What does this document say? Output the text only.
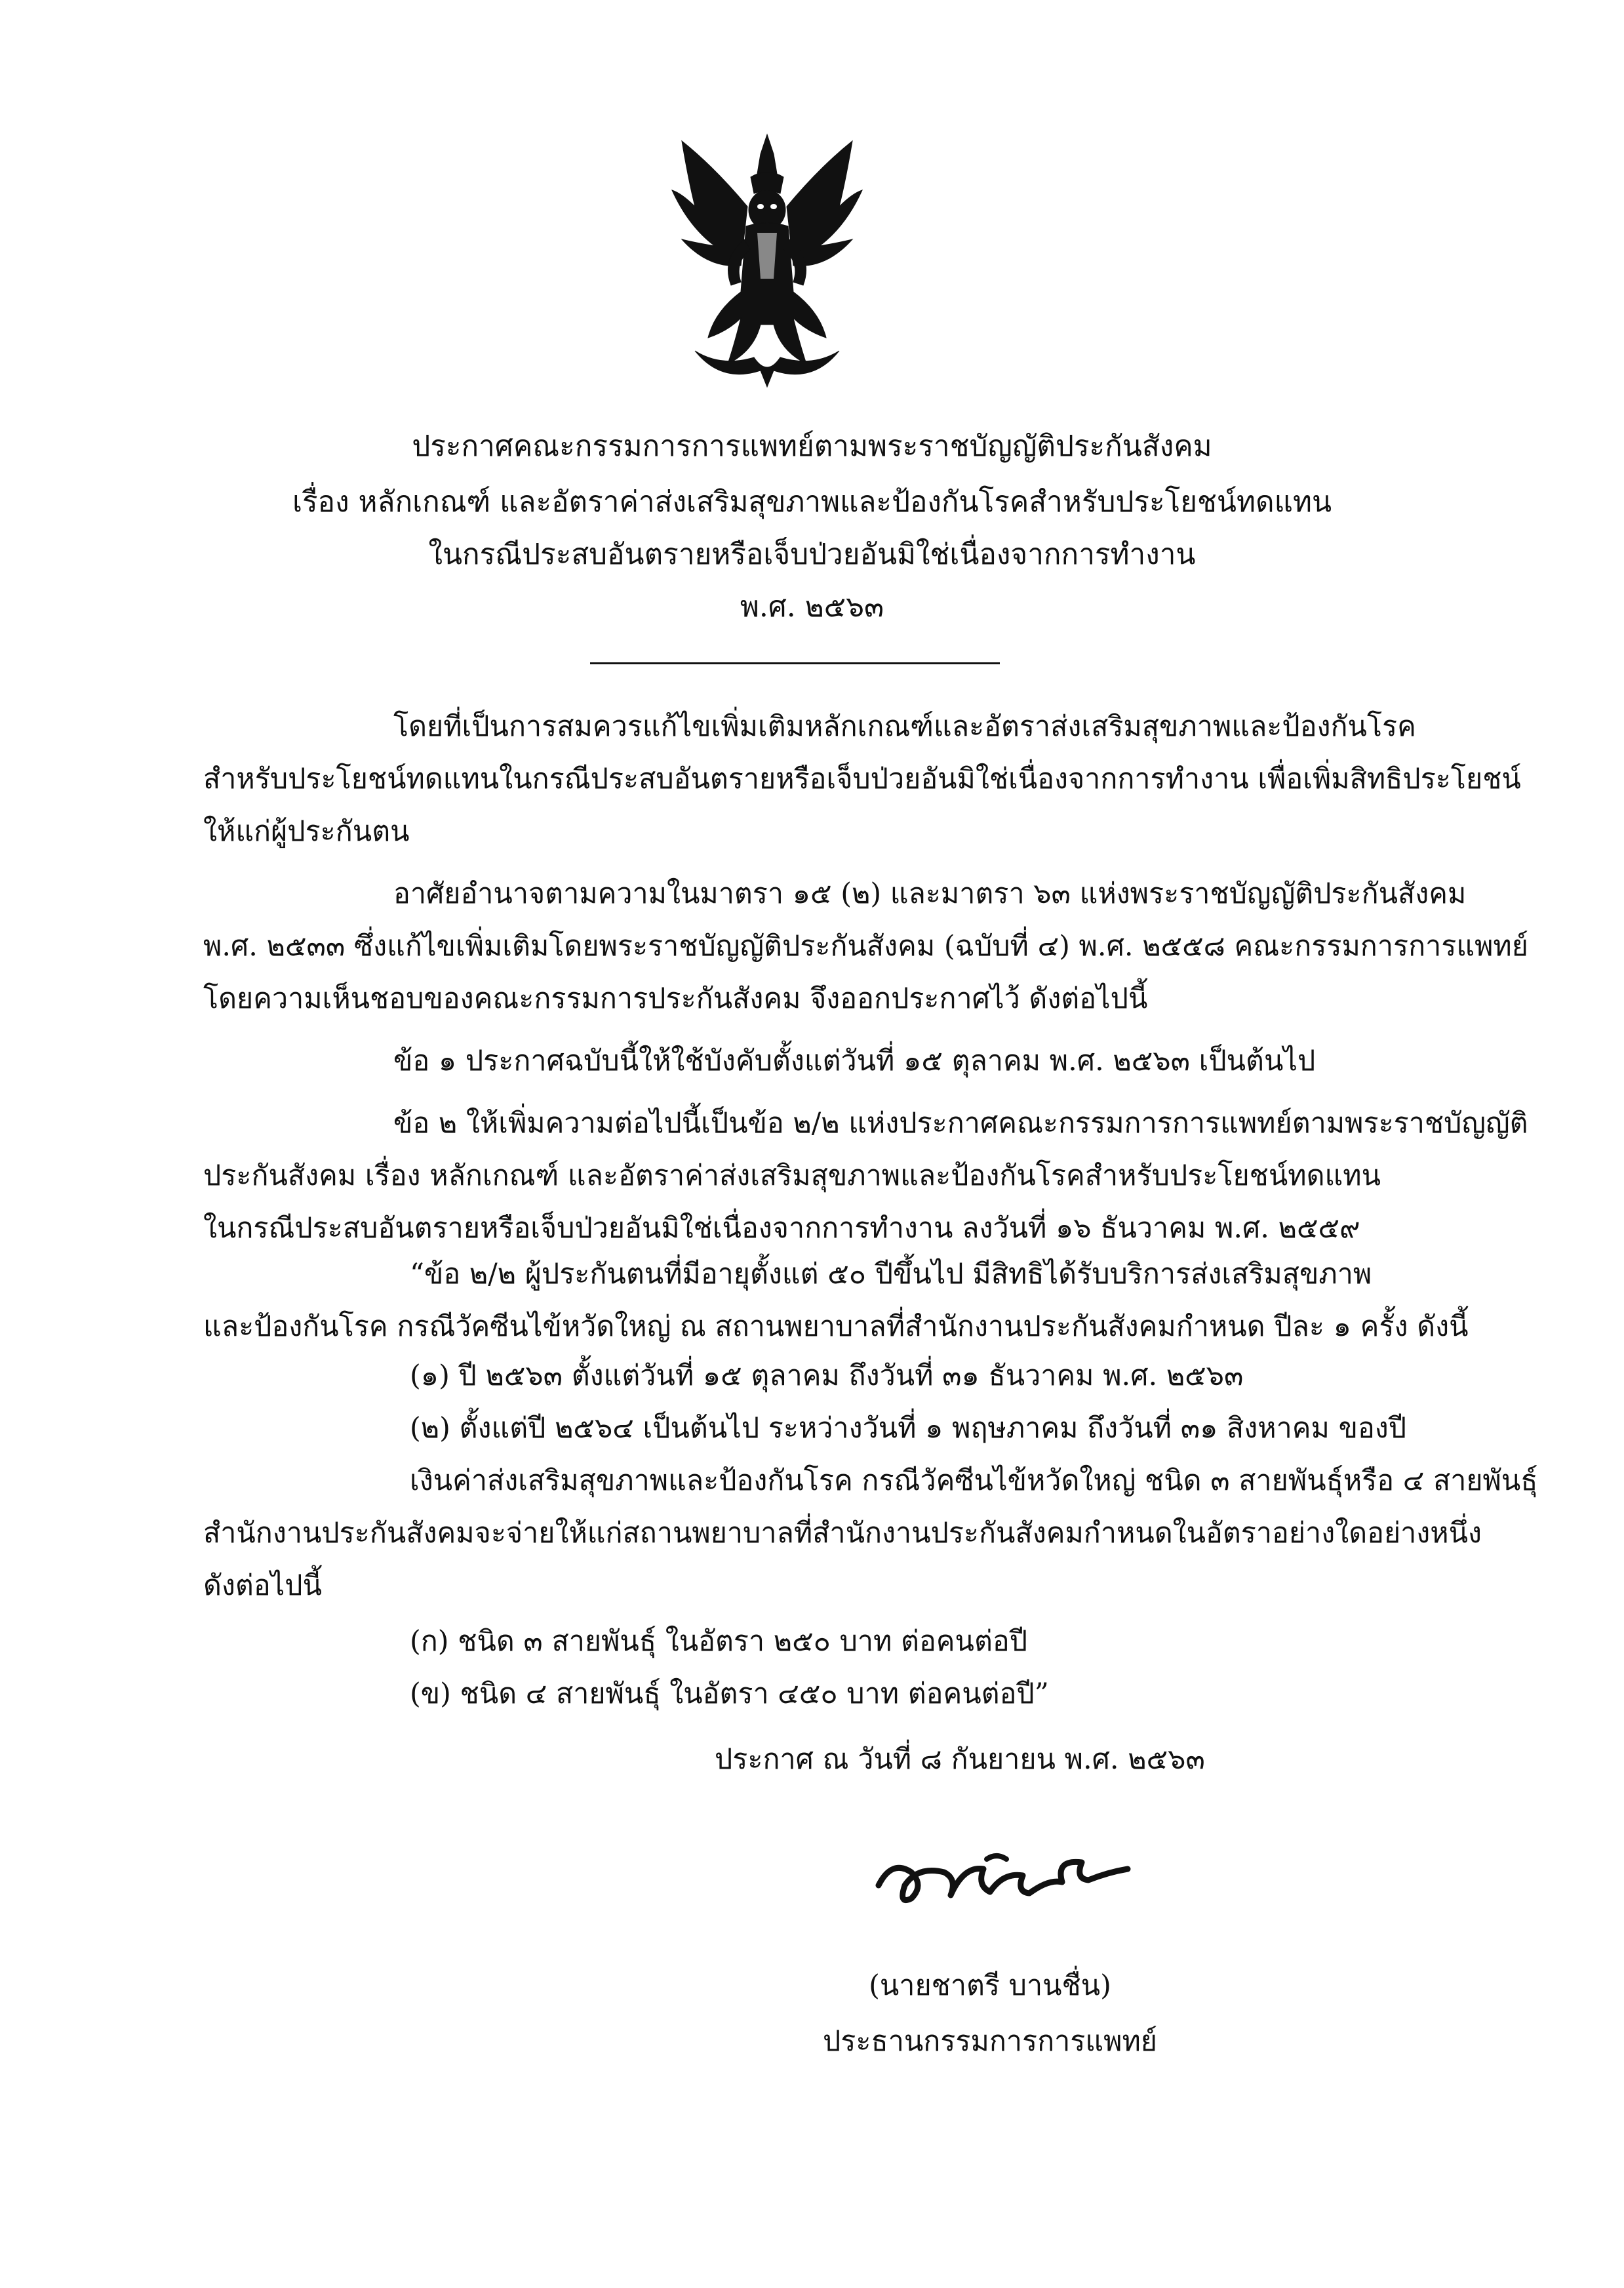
ประกาศคณะกรรมการการแพทย์ตามพระราชบัญญัติประกันสังคม
เรื่อง หลักเกณฑ์ และอัตราค่าส่งเสริมสุขภาพและป้องกันโรคสำหรับประโยชน์ทดแทน
ในกรณีประสบอันตรายหรือเจ็บป่วยอันมิใช่เนื่องจากการทำงาน
พ.ศ. ๒๕๖๓
โดยที่เป็นการสมควรแก้ไขเพิ่มเติมหลักเกณฑ์และอัตราส่งเสริมสุขภาพและป้องกันโรค
สำหรับประโยชน์ทดแทนในกรณีประสบอันตรายหรือเจ็บป่วยอันมิใช่เนื่องจากการทำงาน เพื่อเพิ่มสิทธิประโยชน์
ให้แก่ผู้ประกันตน
อาศัยอำนาจตามความในมาตรา ๑๕ (๒) และมาตรา ๖๓ แห่งพระราชบัญญัติประกันสังคม
พ.ศ. ๒๕๓๓ ซึ่งแก้ไขเพิ่มเติมโดยพระราชบัญญัติประกันสังคม (ฉบับที่ ๔) พ.ศ. ๒๕๕๘ คณะกรรมการการแพทย์
โดยความเห็นชอบของคณะกรรมการประกันสังคม จึงออกประกาศไว้ ดังต่อไปนี้
ข้อ ๑ ประกาศฉบับนี้ให้ใช้บังคับตั้งแต่วันที่ ๑๕ ตุลาคม พ.ศ. ๒๕๖๓ เป็นต้นไป
ข้อ ๒ ให้เพิ่มความต่อไปนี้เป็นข้อ ๒/๒ แห่งประกาศคณะกรรมการการแพทย์ตามพระราชบัญญัติ
ประกันสังคม เรื่อง หลักเกณฑ์ และอัตราค่าส่งเสริมสุขภาพและป้องกันโรคสำหรับประโยชน์ทดแทน
ในกรณีประสบอันตรายหรือเจ็บป่วยอันมิใช่เนื่องจากการทำงาน ลงวันที่ ๑๖ ธันวาคม พ.ศ. ๒๕๕๙
“ข้อ ๒/๒ ผู้ประกันตนที่มีอายุตั้งแต่ ๕๐ ปีขึ้นไป มีสิทธิได้รับบริการส่งเสริมสุขภาพ
และป้องกันโรค กรณีวัคซีนไข้หวัดใหญ่ ณ สถานพยาบาลที่สำนักงานประกันสังคมกำหนด ปีละ ๑ ครั้ง ดังนี้
(๑) ปี ๒๕๖๓ ตั้งแต่วันที่ ๑๕ ตุลาคม ถึงวันที่ ๓๑ ธันวาคม พ.ศ. ๒๕๖๓
(๒) ตั้งแต่ปี ๒๕๖๔ เป็นต้นไป ระหว่างวันที่ ๑ พฤษภาคม ถึงวันที่ ๓๑ สิงหาคม ของปี
เงินค่าส่งเสริมสุขภาพและป้องกันโรค กรณีวัคซีนไข้หวัดใหญ่ ชนิด ๓ สายพันธุ์หรือ ๔ สายพันธุ์
สำนักงานประกันสังคมจะจ่ายให้แก่สถานพยาบาลที่สำนักงานประกันสังคมกำหนดในอัตราอย่างใดอย่างหนึ่ง
ดังต่อไปนี้
(ก) ชนิด ๓ สายพันธุ์ ในอัตรา ๒๕๐ บาท ต่อคนต่อปี
(ข) ชนิด ๔ สายพันธุ์ ในอัตรา ๔๕๐ บาท ต่อคนต่อปี”
ประกาศ ณ วันที่ ๘ กันยายน พ.ศ. ๒๕๖๓
(นายชาตรี บานชื่น)
ประธานกรรมการการแพทย์
